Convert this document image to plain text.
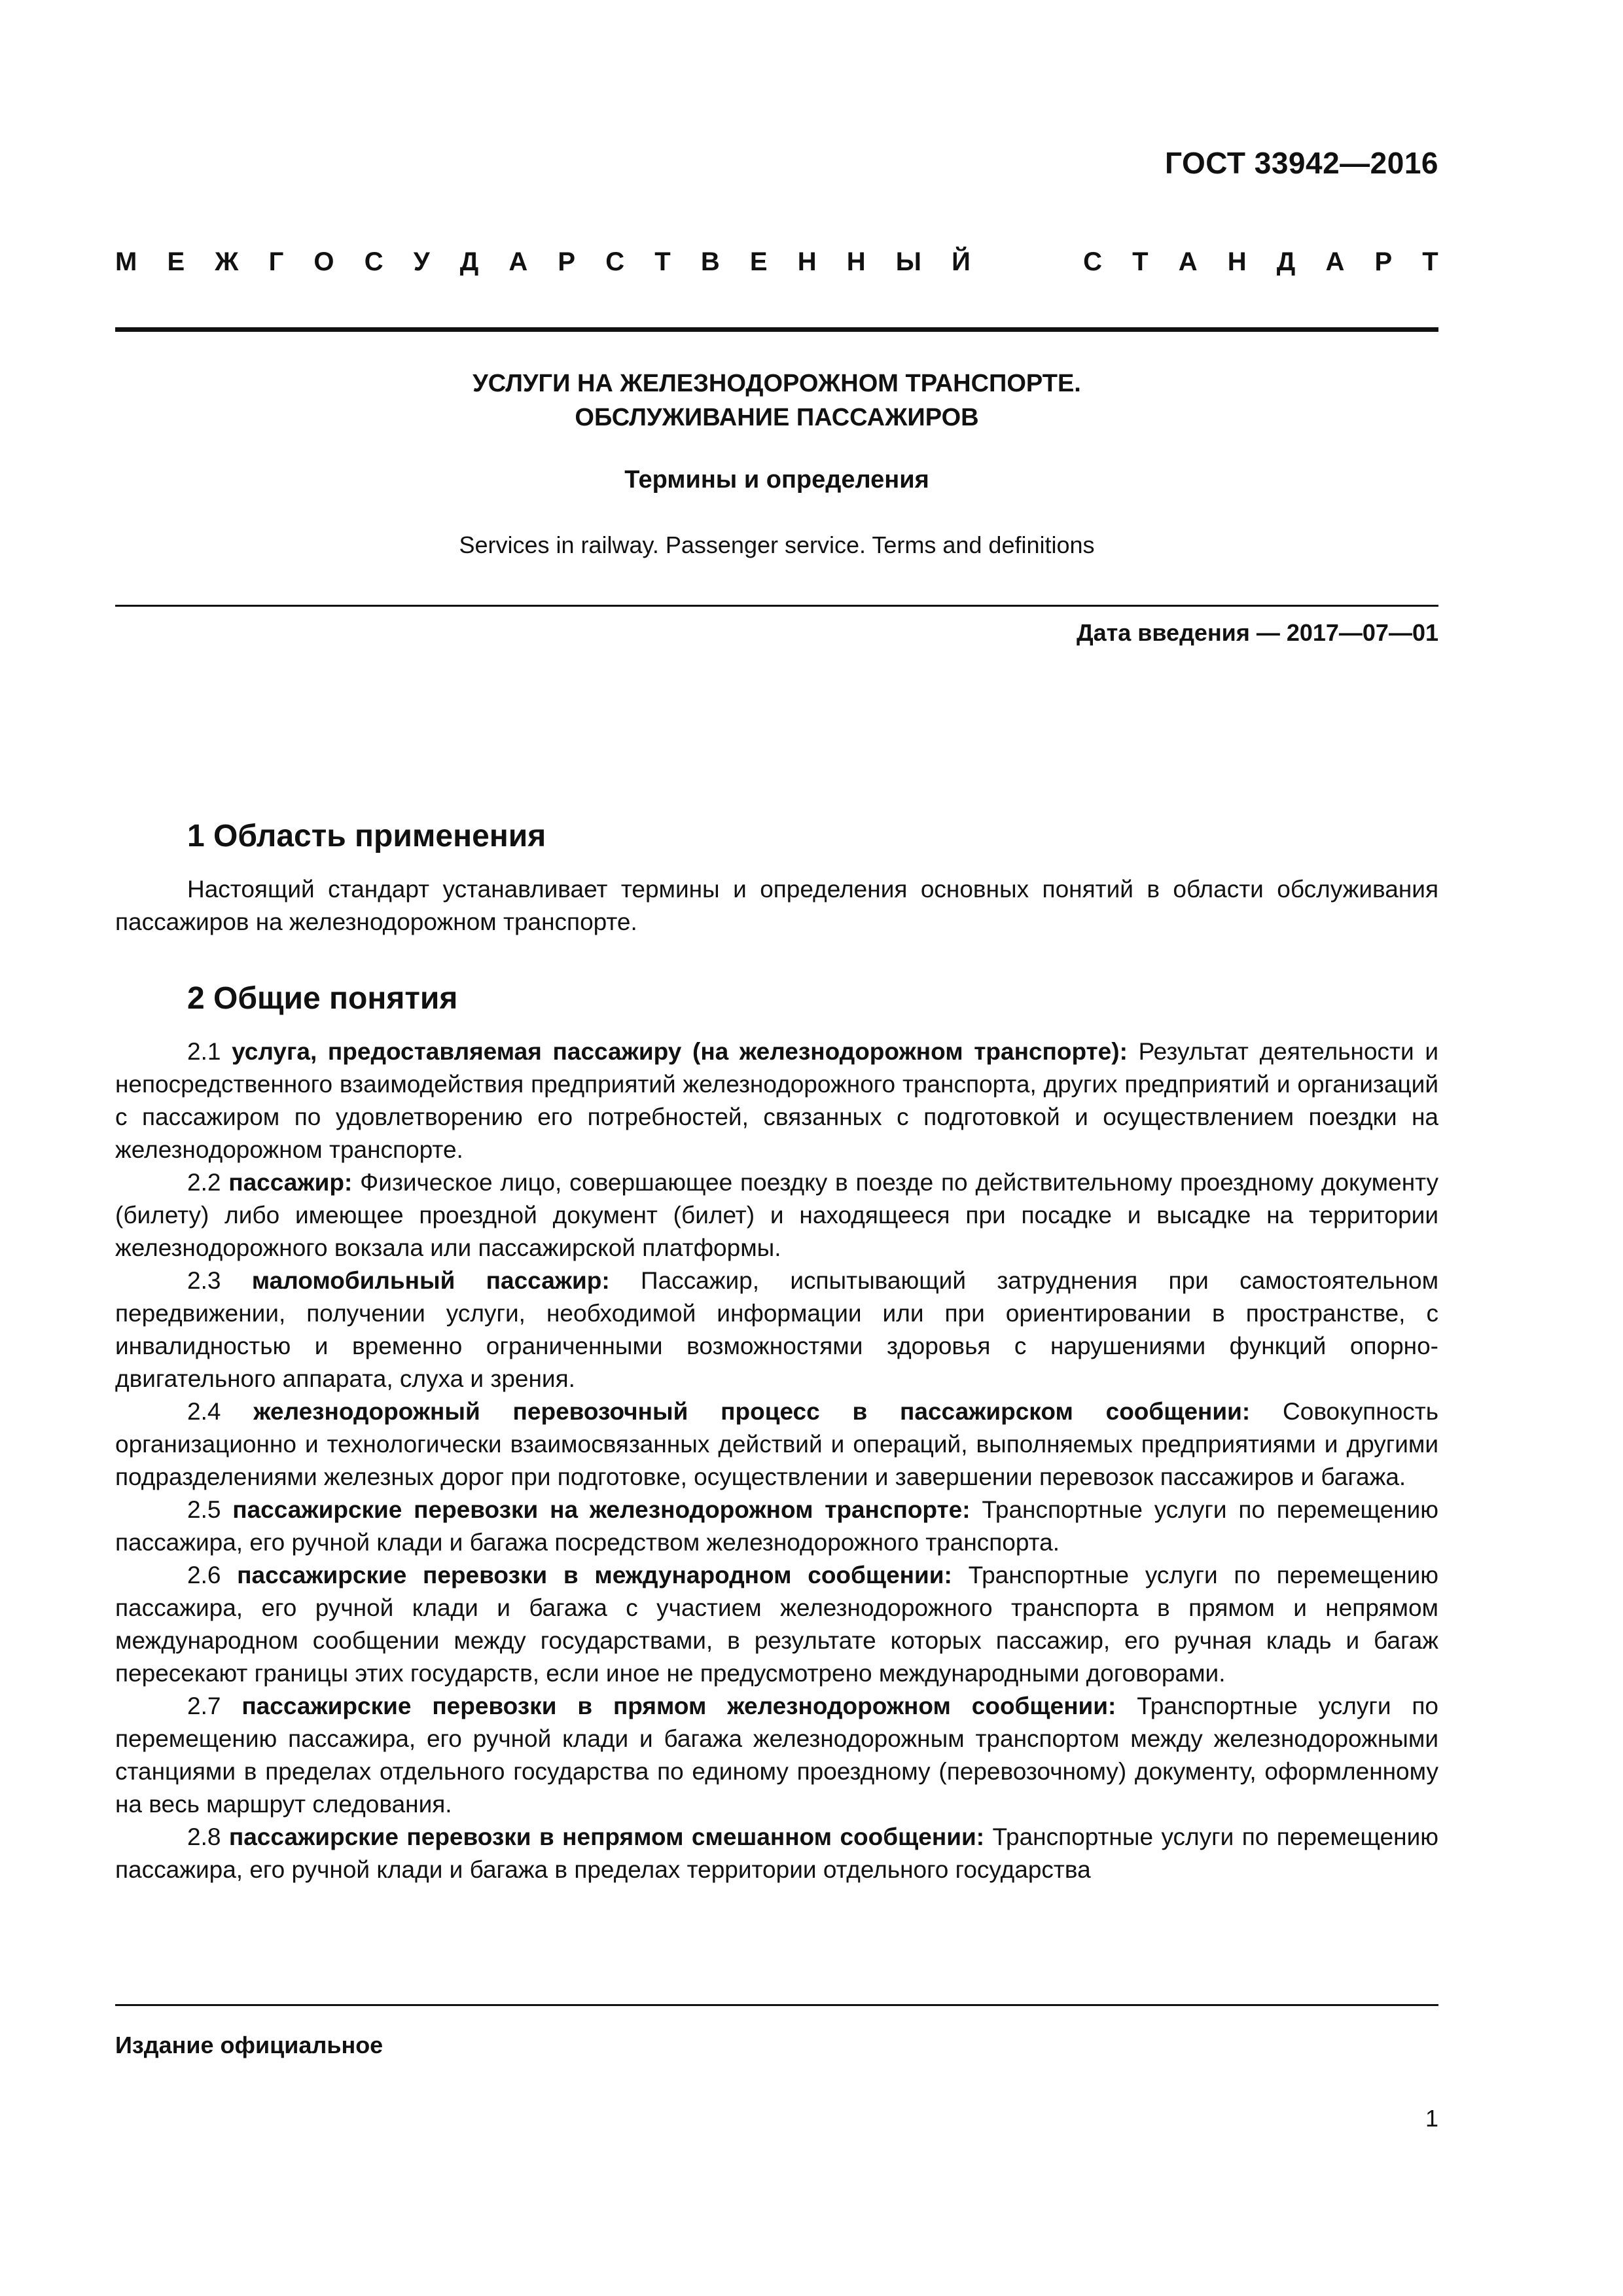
ГОСТ 33942—2016
М Е Ж Г О С У Д А Р С Т В Е Н Н Ы Й	С Т А Н Д А Р Т
УСЛУГИ НА ЖЕЛЕЗНОДОРОЖНОМ ТРАНСПОРТЕ.
ОБСЛУЖИВАНИЕ ПАССАЖИРОВ
Термины и определения
Services in railway. Passenger service. Terms and definitions
Дата введения — 2017—07—01
1 Область применения

Настоящий стандарт устанавливает термины и определения основных понятий в области обслуживания пассажиров на железнодорожном транспорте.

2 Общие понятия

2.1 услуга, предоставляемая пассажиру (на железнодорожном транспорте): Результат деятельности и непосредственного взаимодействия предприятий железнодорожного транспорта, других предприятий и организаций с пассажиром по удовлетворению его потребностей, связанных с подготовкой и осуществлением поездки на железнодорожном транспорте.

2.2 пассажир: Физическое лицо, совершающее поездку в поезде по действительному проездному документу (билету) либо имеющее проездной документ (билет) и находящееся при посадке и высадке на территории железнодорожного вокзала или пассажирской платформы.

2.3 маломобильный пассажир: Пассажир, испытывающий затруднения при самостоятельном передвижении, получении услуги, необходимой информации или при ориентировании в пространстве, с инвалидностью и временно ограниченными возможностями здоровья с нарушениями функций опорно-двигательного аппарата, слуха и зрения.

2.4 железнодорожный перевозочный процесс в пассажирском сообщении: Совокупность организационно и технологически взаимосвязанных действий и операций, выполняемых предприятиями и другими подразделениями железных дорог при подготовке, осуществлении и завершении перевозок пассажиров и багажа.

2.5 пассажирские перевозки на железнодорожном транспорте: Транспортные услуги по перемещению пассажира, его ручной клади и багажа посредством железнодорожного транспорта.

2.6 пассажирские перевозки в международном сообщении: Транспортные услуги по перемещению пассажира, его ручной клади и багажа с участием железнодорожного транспорта в прямом и непрямом международном сообщении между государствами, в результате которых пассажир, его ручная кладь и багаж пересекают границы этих государств, если иное не предусмотрено международными договорами.

2.7 пассажирские перевозки в прямом железнодорожном сообщении: Транспортные услуги по перемещению пассажира, его ручной клади и багажа железнодорожным транспортом между железнодорожными станциями в пределах отдельного государства по единому проездному (перевозочному) документу, оформленному на весь маршрут следования.

2.8 пассажирские перевозки в непрямом смешанном сообщении: Транспортные услуги по перемещению пассажира, его ручной клади и багажа в пределах территории отдельного государства

Издание официальное
1
